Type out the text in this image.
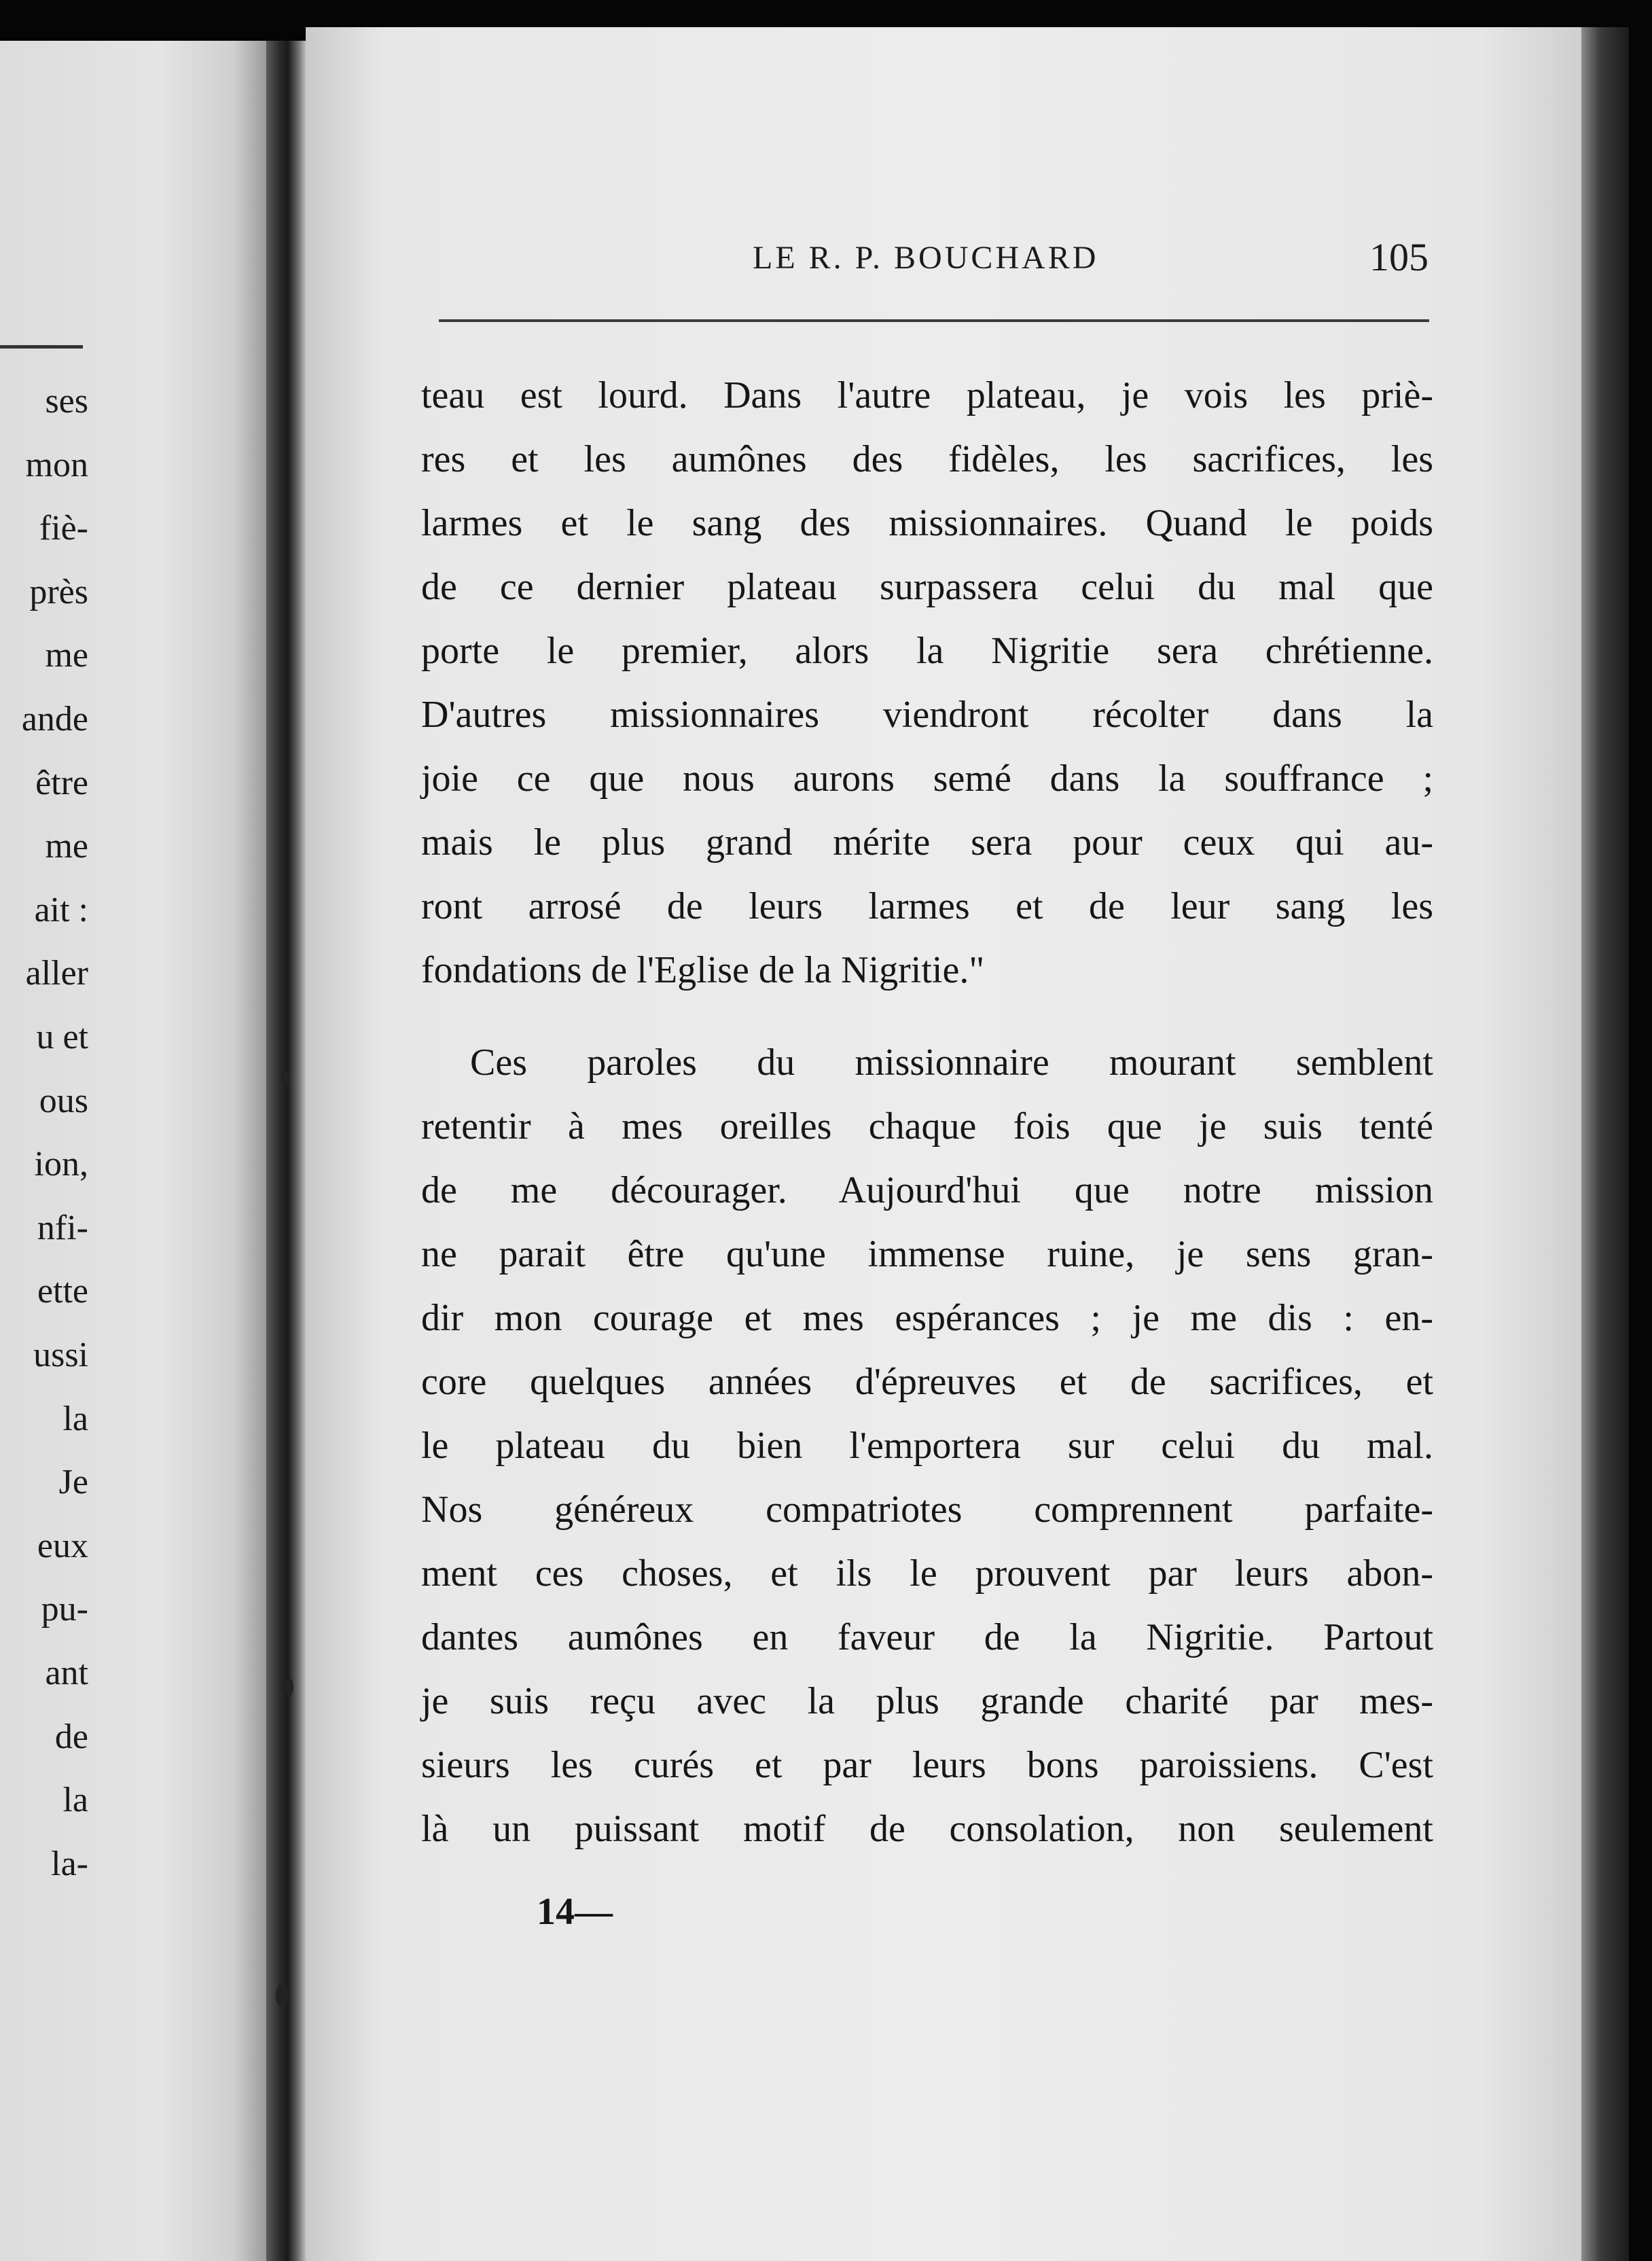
ses
mon
fiè-
près
me
ande
être
me
ait :
aller
u et
ous
ion,
nfi-
ette
ussi
la
Je
eux
pu-
ant
de
la
la-
LE R. P. BOUCHARD	105
teau est lourd. Dans l'autre plateau, je vois les priè-
res et les aumônes des fidèles, les sacrifices, les
larmes et le sang des missionnaires. Quand le poids
de ce dernier plateau surpassera celui du mal que
porte le premier, alors la Nigritie sera chrétienne.
D'autres missionnaires viendront récolter dans la
joie ce que nous aurons semé dans la souffrance ;
mais le plus grand mérite sera pour ceux qui au-
ront arrosé de leurs larmes et de leur sang les
fondations de l'Eglise de la Nigritie."
Ces paroles du missionnaire mourant semblent
retentir à mes oreilles chaque fois que je suis tenté
de me décourager. Aujourd'hui que notre mission
ne parait être qu'une immense ruine, je sens gran-
dir mon courage et mes espérances ; je me dis : en-
core quelques années d'épreuves et de sacrifices, et
le plateau du bien l'emportera sur celui du mal.
Nos généreux compatriotes comprennent parfaite-
ment ces choses, et ils le prouvent par leurs abon-
dantes aumônes en faveur de la Nigritie. Partout
je suis reçu avec la plus grande charité par mes-
sieurs les curés et par leurs bons paroissiens. C'est
là un puissant motif de consolation, non seulement
14—
